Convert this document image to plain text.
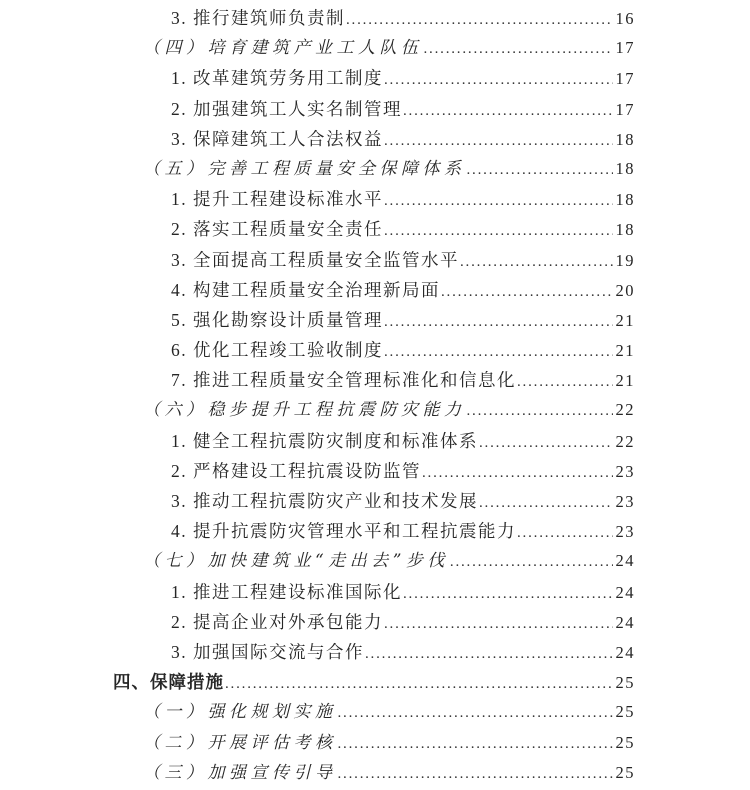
3. 推行建筑师负责制 .....	16
（四）培育建筑产业工人队伍 .....	17
1. 改革建筑劳务用工制度 .....	17
2. 加强建筑工人实名制管理 .....	17
3. 保障建筑工人合法权益 .....	18
（五）完善工程质量安全保障体系 .....	18
1. 提升工程建设标准水平 .....	18
2. 落实工程质量安全责任 .....	18
3. 全面提高工程质量安全监管水平 .....	19
4. 构建工程质量安全治理新局面 .....	20
5. 强化勘察设计质量管理 .....	21
6. 优化工程竣工验收制度 .....	21
7. 推进工程质量安全管理标准化和信息化 .....	21
（六）稳步提升工程抗震防灾能力 .....	22
1. 健全工程抗震防灾制度和标准体系 .....	22
2. 严格建设工程抗震设防监管 .....	23
3. 推动工程抗震防灾产业和技术发展 .....	23
4. 提升抗震防灾管理水平和工程抗震能力 .....	23
（七）加快建筑业“走出去”步伐 .....	24
1. 推进工程建设标准国际化 .....	24
2. 提高企业对外承包能力 .....	24
3. 加强国际交流与合作 .....	24
四、保障措施 .....	25
（一）强化规划实施 .....	25
（二）开展评估考核 .....	25
（三）加强宣传引导 .....	25
